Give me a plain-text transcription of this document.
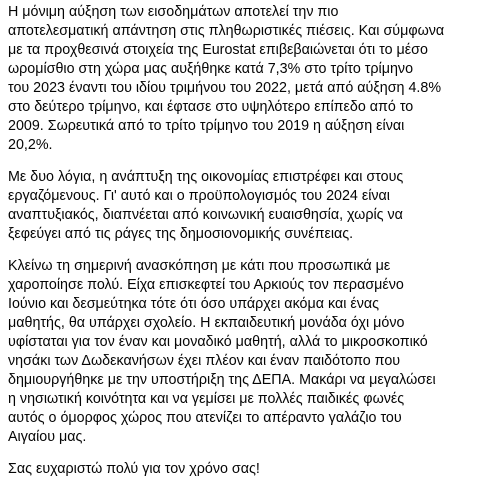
Η μόνιμη αύξηση των εισοδημάτων αποτελεί την πιο
αποτελεσματική απάντηση στις πληθωριστικές πιέσεις. Και σύμφωνα
με τα προχθεσινά στοιχεία της Eurostat επιβεβαιώνεται ότι το μέσο
ωρομίσθιο στη χώρα μας αυξήθηκε κατά 7,3% στο τρίτο τρίμηνο
του 2023 έναντι του ιδίου τριμήνου του 2022, μετά από αύξηση 4.8%
στο δεύτερο τρίμηνο, και έφτασε στο υψηλότερο επίπεδο από το
2009. Σωρευτικά από το τρίτο τρίμηνο του 2019 η αύξηση είναι
20,2%.

Με δυο λόγια, η ανάπτυξη της οικονομίας επιστρέφει και στους
εργαζόμενους. Γι' αυτό και ο προϋπολογισμός του 2024 είναι
αναπτυξιακός, διαπνέεται από κοινωνική ευαισθησία, χωρίς να
ξεφεύγει από τις ράγες της δημοσιονομικής συνέπειας.

Κλείνω τη σημερινή ανασκόπηση με κάτι που προσωπικά με
χαροποίησε πολύ. Είχα επισκεφτεί του Αρκιούς τον περασμένο
Ιούνιο και δεσμεύτηκα τότε ότι όσο υπάρχει ακόμα και ένας
μαθητής, θα υπάρχει σχολείο. Η εκπαιδευτική μονάδα όχι μόνο
υφίσταται για τον έναν και μοναδικό μαθητή, αλλά το μικροσκοπικό
νησάκι των Δωδεκανήσων έχει πλέον και έναν παιδότοπο που
δημιουργήθηκε με την υποστήριξη της ΔΕΠΑ. Μακάρι να μεγαλώσει
η νησιωτική κοινότητα και να γεμίσει με πολλές παιδικές φωνές
αυτός ο όμορφος χώρος που ατενίζει το απέραντο γαλάζιο του
Αιγαίου μας.

Σας ευχαριστώ πολύ για τον χρόνο σας!
